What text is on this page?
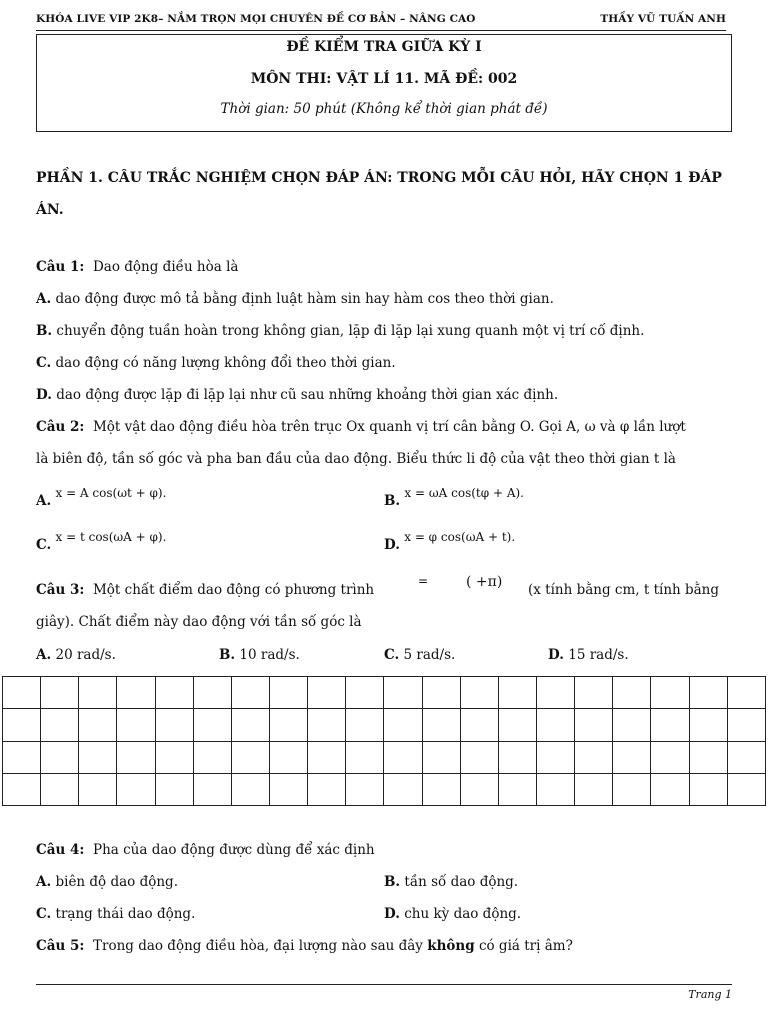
KHÓA LIVE VIP 2K8– NẮM TRỌN MỌI CHUYÊN ĐỀ CƠ BẢN – NÂNG CAO	THẦY VŨ TUẤN ANH
ĐỀ KIỂM TRA GIỮA KỲ I
MÔN THI: VẬT LÍ 11. MÃ ĐỀ: 002
Thời gian: 50 phút (Không kể thời gian phát đề)
PHẦN 1. CÂU TRẮC NGHIỆM CHỌN ĐÁP ÁN: TRONG MỖI CÂU HỎI, HÃY CHỌN 1 ĐÁP ÁN.
Câu 1: Dao động điều hòa là
A. dao động được mô tả bằng định luật hàm sin hay hàm cos theo thời gian.
B. chuyển động tuần hoàn trong không gian, lặp đi lặp lại xung quanh một vị trí cố định.
C. dao động có năng lượng không đổi theo thời gian.
D. dao động được lặp đi lặp lại như cũ sau những khoảng thời gian xác định.
Câu 2: Một vật dao động điều hòa trên trục Ox quanh vị trí cân bằng O. Gọi A, ω và φ lần lượt
là biên độ, tần số góc và pha ban đầu của dao động. Biểu thức li độ của vật theo thời gian t là
A. x = A cos(ωt + φ).	B. x = ωA cos(tφ + A).
C. x = t cos(ωA + φ).	D. x = φ cos(ωA + t).
Câu 3: Một chất điểm dao động có phương trình
=	( +π) (x tính bằng cm, t tính bằng
giây). Chất điểm này dao động với tần số góc là
A. 20 rad/s.	B. 10 rad/s.	C. 5 rad/s.	D. 15 rad/s.

Câu 4: Pha của dao động được dùng để xác định
A. biên độ dao động.	B. tần số dao động.
C. trạng thái dao động.	D. chu kỳ dao động.
Câu 5: Trong dao động điều hòa, đại lượng nào sau đây không có giá trị âm?
Trang 1
